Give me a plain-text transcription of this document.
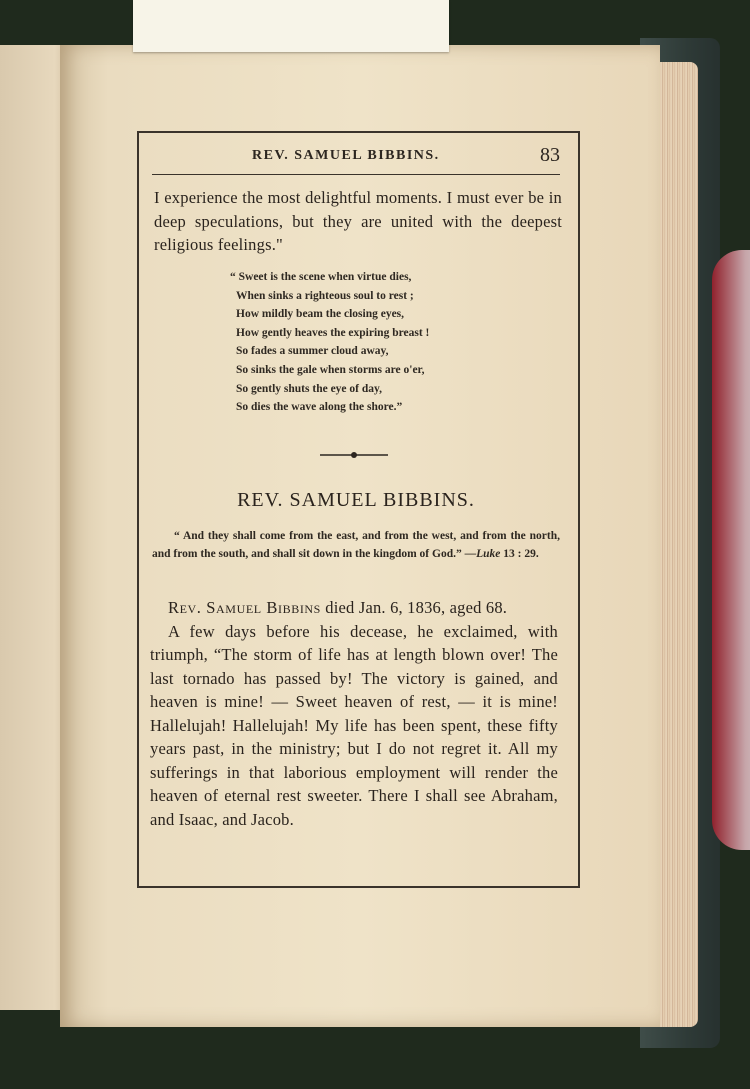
REV. SAMUEL BIBBINS.	83
I experience the most delightful moments. I must ever be in deep speculations, but they are united with the deepest religious feelings."
“ Sweet is the scene when virtue dies,
When sinks a righteous soul to rest ;
How mildly beam the closing eyes,
How gently heaves the expiring breast !
So fades a summer cloud away,
So sinks the gale when storms are o'er,
So gently shuts the eye of day,
So dies the wave along the shore.”
REV. SAMUEL BIBBINS.
“ And they shall come from the east, and from the west, and from the north, and from the south, and shall sit down in the kingdom of God.” —Luke 13 : 29.

Rev. Samuel Bibbins died Jan. 6, 1836, aged 68.

A few days before his decease, he exclaimed, with triumph, “The storm of life has at length blown over! The last tornado has passed by! The victory is gained, and heaven is mine! — Sweet heaven of rest, — it is mine! Hallelujah! Hallelujah! My life has been spent, these fifty years past, in the ministry; but I do not regret it. All my sufferings in that laborious employment will render the heaven of eternal rest sweeter. There I shall see Abraham, and Isaac, and Jacob.
